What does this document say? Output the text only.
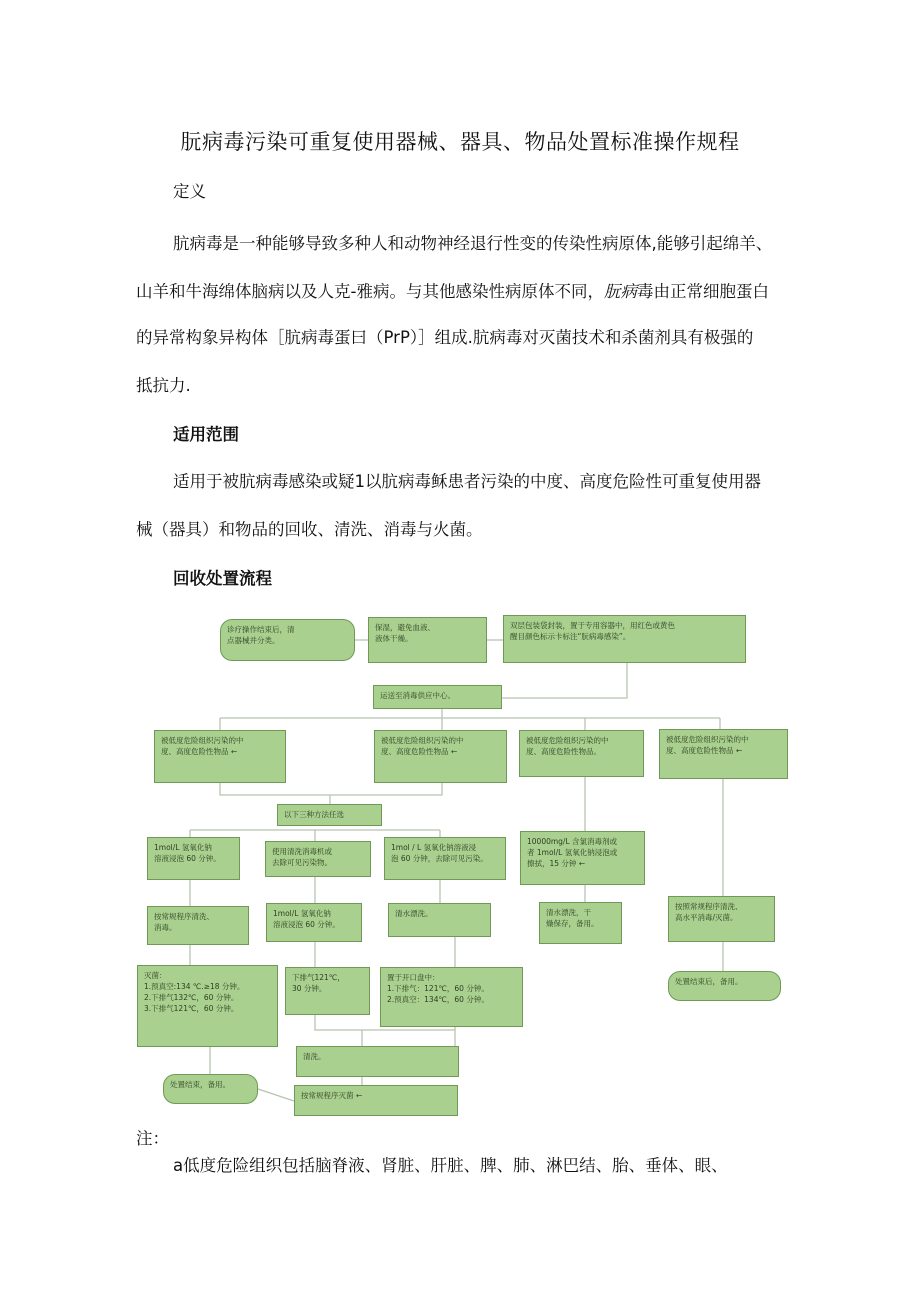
朊病毒污染可重复使用器械、器具、物品处置标准操作规程

定义

肮病毒是一种能够导致多种人和动物神经退行性变的传染性病原体,能够引起绵羊、

山羊和牛海绵体脑病以及人克-雅病。与其他感染性病原体不同，朊病毒由正常细胞蛋白

的异常构象异构体［肮病毒蛋曰（PrP）］组成.肮病毒对灭菌技术和杀菌剂具有极强的

抵抗力.

适用范围

适用于被肮病毒感染或疑1以肮病毒稣患者污染的中度、高度危险性可重复使用器

械（器具）和物品的回收、清洗、消毒与火菌。

回收处置流程

诊疗操作结束后，清
点器械并分类。
保湿，避免血液、
液体干燥。
双层包装袋封装，置于专用容器中，用红色或黄色
醒目颜色标示卡标注“朊病毒感染”。
运送至消毒供应中心。
被低度危险组织污染的中
度、高度危险性物品 ←
被低度危险组织污染的中
度、高度危险性物品 ←
被低度危险组织污染的中
度、高度危险性物品。
被低度危险组织污染的中
度、高度危险性物品 ←
以下三种方法任选
1mol/L 氢氧化钠
溶液浸泡 60 分钟。
使用清洗消毒机或
去除可见污染物。
1mol / L 氢氧化钠溶液浸
泡 60 分钟，去除可见污染。
10000mg/L 含氯消毒剂或
者 1mol/L 氢氧化钠浸泡或
擦拭，15 分钟 ←
按常规程序清洗、
消毒。
1mol/L 氢氧化钠
溶液浸泡 60 分钟。
清水漂洗。	清水漂洗，干
燥保存，备用。
按照常规程序清洗、
高水平消毒/灭菌。
灭菌：
1.预真空:134 ℃.≥18 分钟。
2.下排气132℃，60 分钟。
3.下排气121℃，60 分钟。
下排气121℃，
30 分钟。
置于开口盘中：
1.下排气：121℃，60 分钟。
2.预真空：134℃，60 分钟。
处置结束后，备用。
清洗。
处置结束，备用。
按常规程序灭菌 ←
注：

a低度危险组织包括脑脊液、肾脏、肝脏、脾、肺、淋巴结、胎、垂体、眼、
